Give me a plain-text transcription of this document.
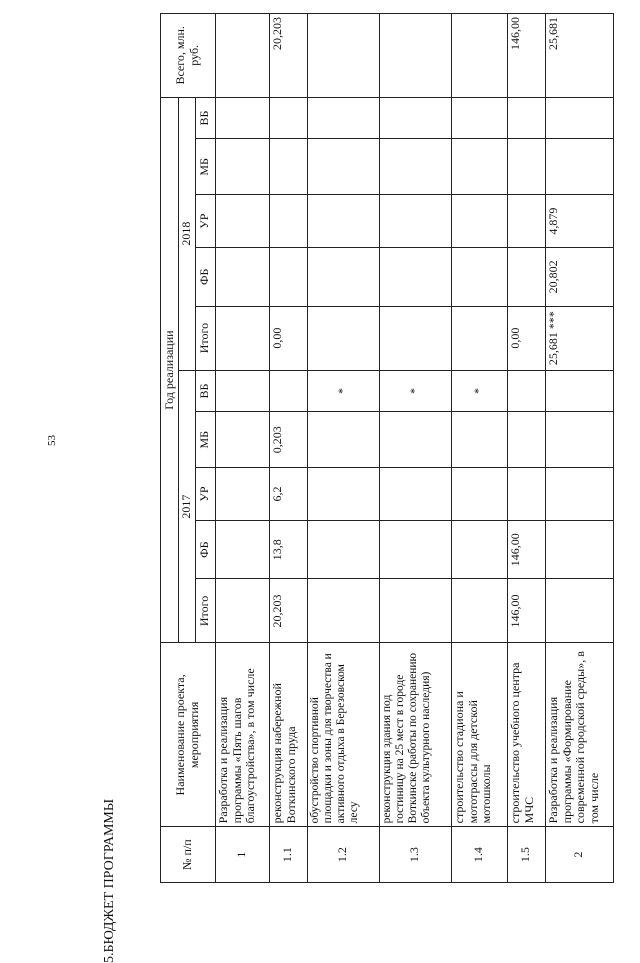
53
5.БЮДЖЕТ ПРОГРАММЫ	№ п/п	Наименование проекта, мероприятия	Год реализации										Всего, млн. руб.
		2017					2018					
		Итого	ФБ	УР	МБ	ВБ	Итого	ФБ	УР	МБ	ВБ	
1	Разработка и реализация программы «Пять шагов благоустройства», в том числе											
1.1	реконструкция набережной Воткинского пруда	20,203	13,8	6,2	0,203		0,00					20,203
1.2	обустройство спортивной площадки и зоны для творчества и активного отдыха в Березовском лесу					*						
1.3	реконструкция здания под гостиницу на 25 мест в городе Воткинске (работы по сохранению объекта культурного наследия)					*						
1.4	строительство стадиона и мототрассы для детской мотошколы					*						
1.5	строительство учебного центра МЧС	146,00	146,00				0,00					146,00
2	Разработка и реализация программы «Формирование современной городской среды», в том числе						25,681 ***	20,802	4,879			25,681
